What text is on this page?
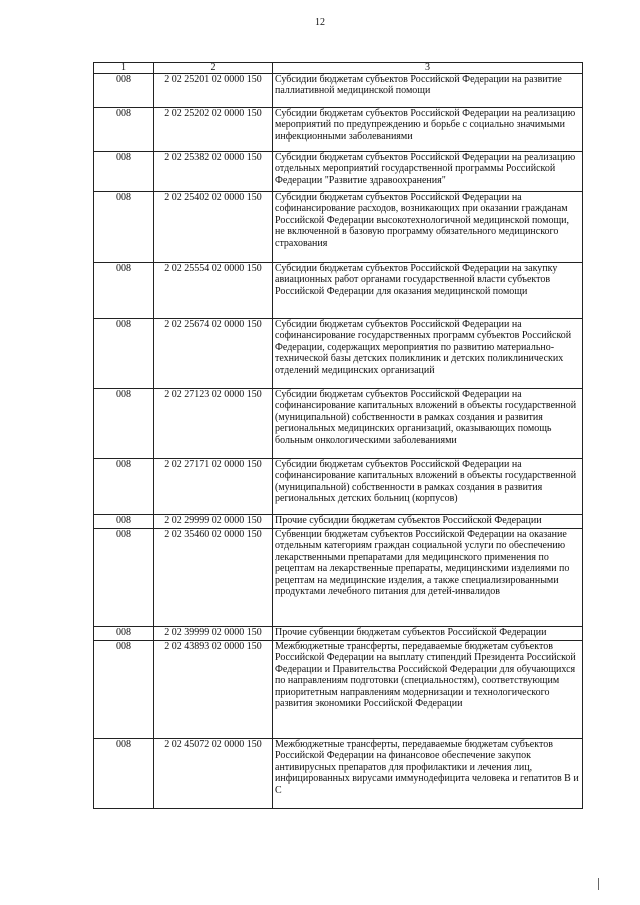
12
1	2	3
008	2 02 25201 02 0000 150	Субсидии бюджетам субъектов Российской Федерации на развитие паллиативной медицинской помощи
008	2 02 25202 02 0000 150	Субсидии бюджетам субъектов Российской Федерации на реализацию мероприятий по предупреждению и борьбе с социально значимыми инфекционными заболеваниями
008	2 02 25382 02 0000 150	Субсидии бюджетам субъектов Российской Федерации на реализацию отдельных мероприятий государственной программы Российской Федерации "Развитие здравоохранения"
008	2 02 25402 02 0000 150	Субсидии бюджетам субъектов Российской Федерации на софинансирование расходов, возникающих при оказании гражданам Российской Федерации высокотехнологичной медицинской помощи, не включенной в базовую программу обязательного медицинского страхования
008	2 02 25554 02 0000 150	Субсидии бюджетам субъектов Российской Федерации на закупку авиационных работ органами государственной власти субъектов Российской Федерации для оказания медицинской помощи
008	2 02 25674 02 0000 150	Субсидии бюджетам субъектов Российской Федерации на софинансирование государственных программ субъектов Российской Федерации, содержащих мероприятия по развитию материально-технической базы детских поликлиник и детских поликлинических отделений медицинских организаций
008	2 02 27123 02 0000 150	Субсидии бюджетам субъектов Российской Федерации на софинансирование капитальных вложений в объекты государственной (муниципальной) собственности в рамках создания и развития региональных медицинских организаций, оказывающих помощь больным онкологическими заболеваниями
008	2 02 27171 02 0000 150	Субсидии бюджетам субъектов Российской Федерации на софинансирование капитальных вложений в объекты государственной (муниципальной) собственности в рамках создания в развития региональных детских больниц (корпусов)
008	2 02 29999 02 0000 150	Прочие субсидии бюджетам субъектов Российской Федерации
008	2 02 35460 02 0000 150	Субвенции бюджетам субъектов Российской Федерации на оказание отдельным категориям граждан социальной услуги по обеспечению лекарственными препаратами для медицинского применения по рецептам на лекарственные препараты, медицинскими изделиями по рецептам на медицинские изделия, а также специализированными продуктами лечебного питания для детей-инвалидов
008	2 02 39999 02 0000 150	Прочие субвенции бюджетам субъектов Российской Федерации
008	2 02 43893 02 0000 150	Межбюджетные трансферты, передаваемые бюджетам субъектов Российской Федерации на выплату стипендий Президента Российской Федерации и Правительства Российской Федерации для обучающихся по направлениям подготовки (специальностям), соответствующим приоритетным направлениям модернизации и технологического развития экономики Российской Федерации
008	2 02 45072 02 0000 150	Межбюджетные трансферты, передаваемые бюджетам субъектов Российской Федерации на финансовое обеспечение закупок антивирусных препаратов для профилактики и лечения лиц, инфицированных вирусами иммунодефицита человека и гепатитов В и С
